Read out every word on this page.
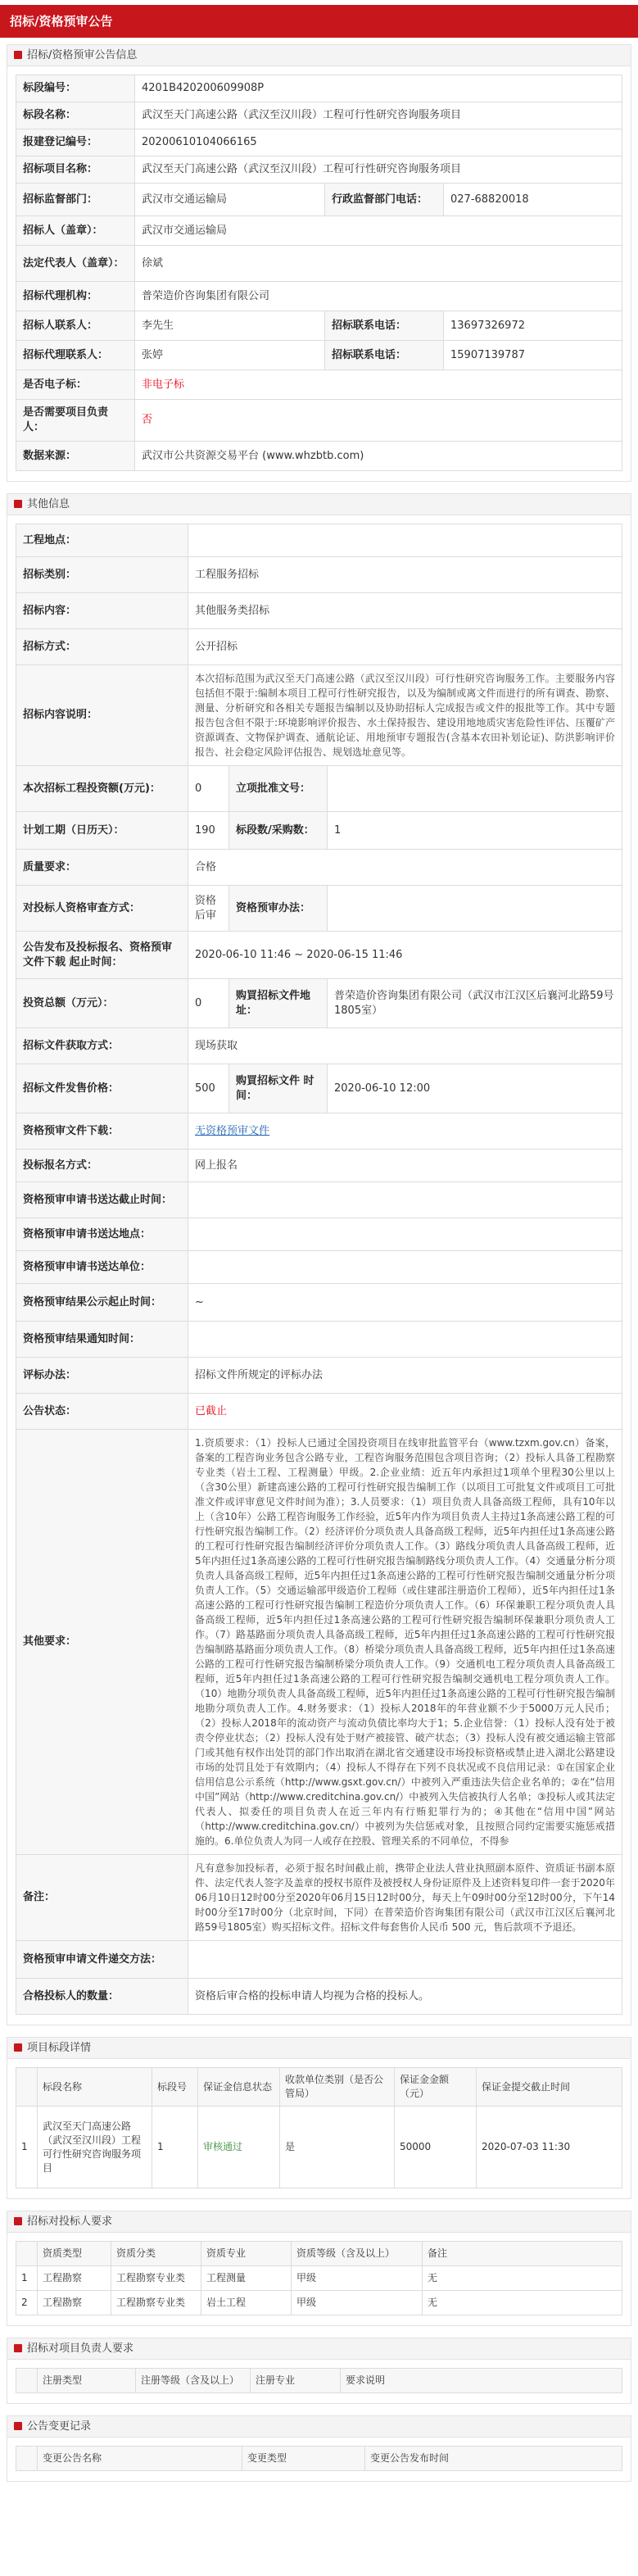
招标/资格预审公告
招标/资格预审公告信息
标段编号：	4201B420200609908P		
标段名称：	武汉至天门高速公路（武汉至汉川段）工程可行性研究咨询服务项目		
报建登记编号：	20200610104066165		
招标项目名称：	武汉至天门高速公路（武汉至汉川段）工程可行性研究咨询服务项目		
招标监督部门：	武汉市交通运输局	行政监督部门电话：	027-68820018
招标人（盖章）：	武汉市交通运输局		
法定代表人（盖章）：	徐斌		
招标代理机构：	普荣造价咨询集团有限公司		
招标人联系人：	李先生	招标联系电话：	13697326972
招标代理联系人：	张婷	招标联系电话：	15907139787
是否电子标：	非电子标		
是否需要项目负责人：	否		
数据来源：	武汉市公共资源交易平台 (www.whzbtb.com)		
其他信息
工程地点：			
招标类别：	工程服务招标		
招标内容：	其他服务类招标		
招标方式：	公开招标		
招标内容说明：	本次招标范围为武汉至天门高速公路（武汉至汉川段）可行性研究咨询服务工作。主要服务内容包括但不限于:编制本项目工程可行性研究报告，以及为编制或离文件而进行的所有调查、勘察、测量、分析研究和各相关专题报告编制以及协助招标人完成报告或文件的报批等工作。其中专题报告包含但不限于:环境影响评价报告、水土保持报告、建设用地地质灾害危险性评估、压覆矿产资源调查、文物保护调查、通航论证、用地预审专题报告(含基本农田补划论证)、防洪影响评价报告、社会稳定风险评估报告、规划选址意见等。		
本次招标工程投资额(万元)：	0	立项批准文号：	
计划工期（日历天）：	190	标段数/采购数：	1
质量要求：	合格		
对投标人资格审查方式：	资格后审	资格预审办法：	
公告发布及投标报名、资格预审文件下载 起止时间：	2020-06-10 11:46 ~ 2020-06-15 11:46		
投资总额（万元）：	0	购買招标文件地址：	普荣造价咨询集团有限公司（武汉市江汉区后襄河北路59号1805室）
招标文件获取方式：	现场获取		
招标文件发售价格：	500	购買招标文件 时间：	2020-06-10 12:00
资格预审文件下载：	无资格预审文件		
投标报名方式：	网上报名		
资格预审申请书送达截止时间：			
资格预审申请书送达地点：			
资格预审申请书送达单位：			
资格预审结果公示起止时间：	~		
资格预审结果通知时间：			
评标办法：	招标文件所规定的评标办法		
公告状态：	已截止		
其他要求：	1.资质要求：（1）投标人已通过全国投资项目在线审批监管平台（www.tzxm.gov.cn）备案，备案的工程咨询业务包含公路专业，工程咨询服务范围包含项目咨询；（2）投标人具备工程勘察专业类（岩土工程、工程测量）甲级。2.企业业绩：近五年内承担过1项单个里程30公里以上（含30公里）新建高速公路的工程可行性研究报告编制工作（以项目工可批复文件或项目工可批准文件或评审意见文件时间为准）；3.人员要求：（1）项目负责人具备高级工程师，具有10年以上（含10年）公路工程咨询服务工作经验，近5年内作为项目负责人主持过1条高速公路工程的可行性研究报告编制工作。（2）经济评价分项负责人具备高级工程师，近5年内担任过1条高速公路的工程可行性研究报告编制经济评价分项负责人工作。（3）路线分项负责人具备高级工程师，近5年内担任过1条高速公路的工程可行性研究报告编制路线分项负责人工作。（4）交通量分析分项负责人具备高级工程师，近5年内担任过1条高速公路的工程可行性研究报告编制交通量分析分项负责人工作。（5）交通运输部甲级造价工程师（或住建部注册造价工程师），近5年内担任过1条高速公路的工程可行性研究报告编制工程造价分项负责人工作。（6）环保兼职工程分项负责人具备高级工程师，近5年内担任过1条高速公路的工程可行性研究报告编制环保兼职分项负责人工作。（7）路基路面分项负责人具备高级工程师，近5年内担任过1条高速公路的工程可行性研究报告编制路基路面分项负责人工作。（8）桥梁分项负责人具备高级工程师，近5年内担任过1条高速公路的工程可行性研究报告编制桥梁分项负责人工作。（9）交通机电工程分项负责人具备高级工程师，近5年内担任过1条高速公路的工程可行性研究报告编制交通机电工程分项负责人工作。（10）地勘分项负责人具备高级工程师，近5年内担任过1条高速公路的工程可行性研究报告编制地勘分项负责人工作。4.财务要求：（1）投标人2018年的年营业额不少于5000万元人民币；（2）投标人2018年的流动资产与流动负债比率均大于1；5.企业信誉：（1）投标人没有处于被责令停业状态；（2）投标人没有处于财产被接管、破产状态；（3）投标人没有被交通运输主管部门或其他有权作出处罚的部门作出取消在湖北省交通建设市场投标资格或禁止进入湖北公路建设市场的处罚且处于有效期内；（4）投标人不得存在下列不良状况或不良信用记录：①在国家企业信用信息公示系统（http://www.gsxt.gov.cn/）中被列入严重违法失信企业名单的；②在“信用中国”网站（http://www.creditchina.gov.cn/）中被列入失信被执行人名单；③投标人或其法定代表人、拟委任的项目负责人在近三年内有行贿犯罪行为的；④其他在“信用中国”网站（http://www.creditchina.gov.cn/）中被列为失信惩戒对象，且按照合同约定需要实施惩戒措施的。6.单位负责人为同一人或存在控股、管理关系的不同单位，不得参		
备注：	凡有意参加投标者，必须于报名时间截止前，携带企业法人营业执照副本原件、资质证书副本原件、法定代表人签字及盖章的授权书原件及被授权人身份证原件及上述资料复印件一套于2020年06月10日12时00分至2020年06月15日12时00分，每天上午09时00分至12时00分，下午14时00分至17时00分（北京时间，下同）在普荣造价咨询集团有限公司（武汉市江汉区后襄河北路59号1805室）购买招标文件。招标文件每套售价人民币 500 元，售后款项不予退还。		
资格预审申请文件递交方法：			
合格投标人的数量：	资格后审合格的投标申请人均视为合格的投标人。		
项目标段详情
	标段名称	标段号	保证金信息状态	收款单位类别（是否公管局）	保证金金额（元）	保证金提交截止时间
1	武汉至天门高速公路（武汉至汉川段）工程可行性研究咨询服务项目	1	审核通过	是	50000	2020-07-03 11:30
招标对投标人要求
	资质类型	资质分类	资质专业	资质等级（含及以上）	备注
1	工程勘察	工程勘察专业类	工程测量	甲级	无
2	工程勘察	工程勘察专业类	岩土工程	甲级	无
招标对项目负责人要求
	注册类型	注册等级（含及以上）	注册专业	要求说明
公告变更记录
	变更公告名称	变更类型	变更公告发布时间
